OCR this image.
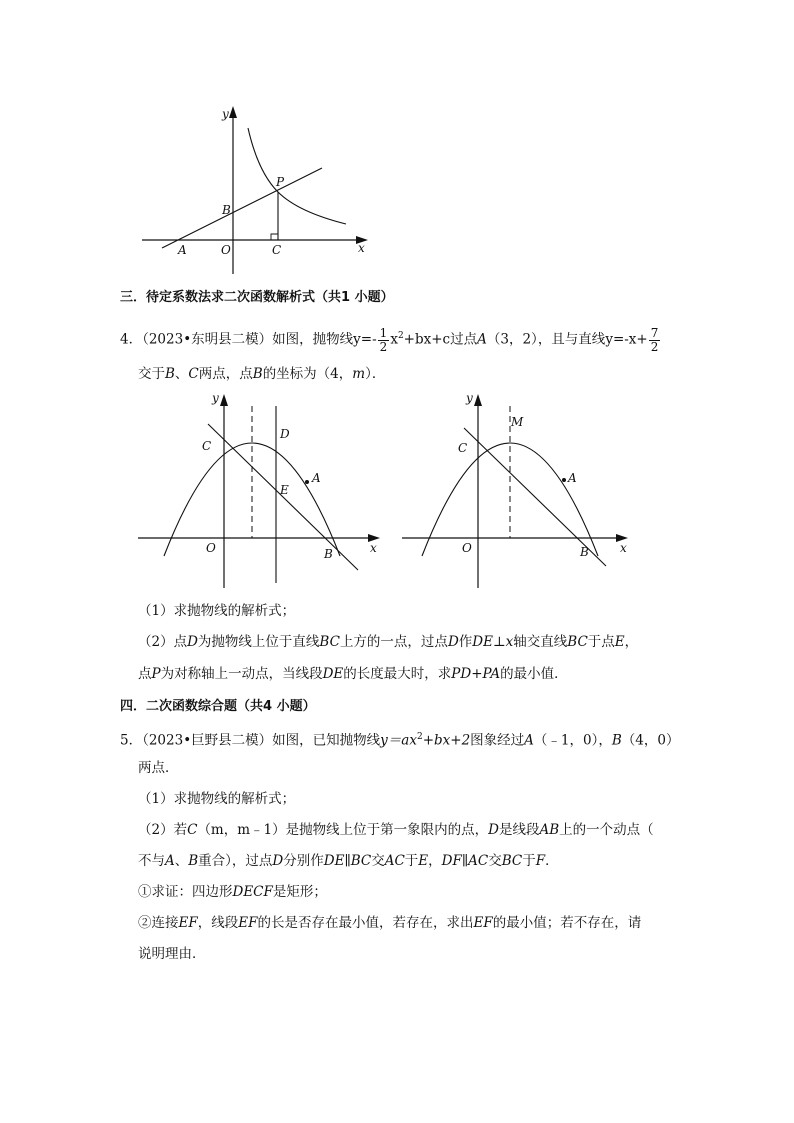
y
x
P
B
A	O	C
三．待定系数法求二次函数解析式（共1 小题）
4．（2023•东明县二模）如图，抛物线$y=- \frac{1}{2} x^2+bx+c$过点A（3，2），且与直线$y=-x+ \frac{7}{2}$
交于B、C两点，点B的坐标为（4，m）．
y
x
C
D
E
A
O	B
y
x
M
C
A
O	B
（1）求抛物线的解析式；
（2）点D为抛物线上位于直线BC上方的一点，过点D作DE⊥x轴交直线BC于点E，
点P为对称轴上一动点，当线段DE的长度最大时，求PD+PA的最小值．
四．二次函数综合题（共4 小题）
5．（2023•巨野县二模）如图，已知抛物线$y=ax^2+bx+2$图象经过A（﹣1，0），B（4，0）
两点．
（1）求抛物线的解析式；
（2）若C（m，m﹣1）是抛物线上位于第一象限内的点，D是线段AB上的一个动点（
不与A、B重合），过点D分别作DE∥BC交AC于E，DF∥AC交BC于F．
①求证：四边形DECF是矩形；
②连接EF，线段EF的长是否存在最小值，若存在，求出EF的最小值；若不存在，请
说明理由．
